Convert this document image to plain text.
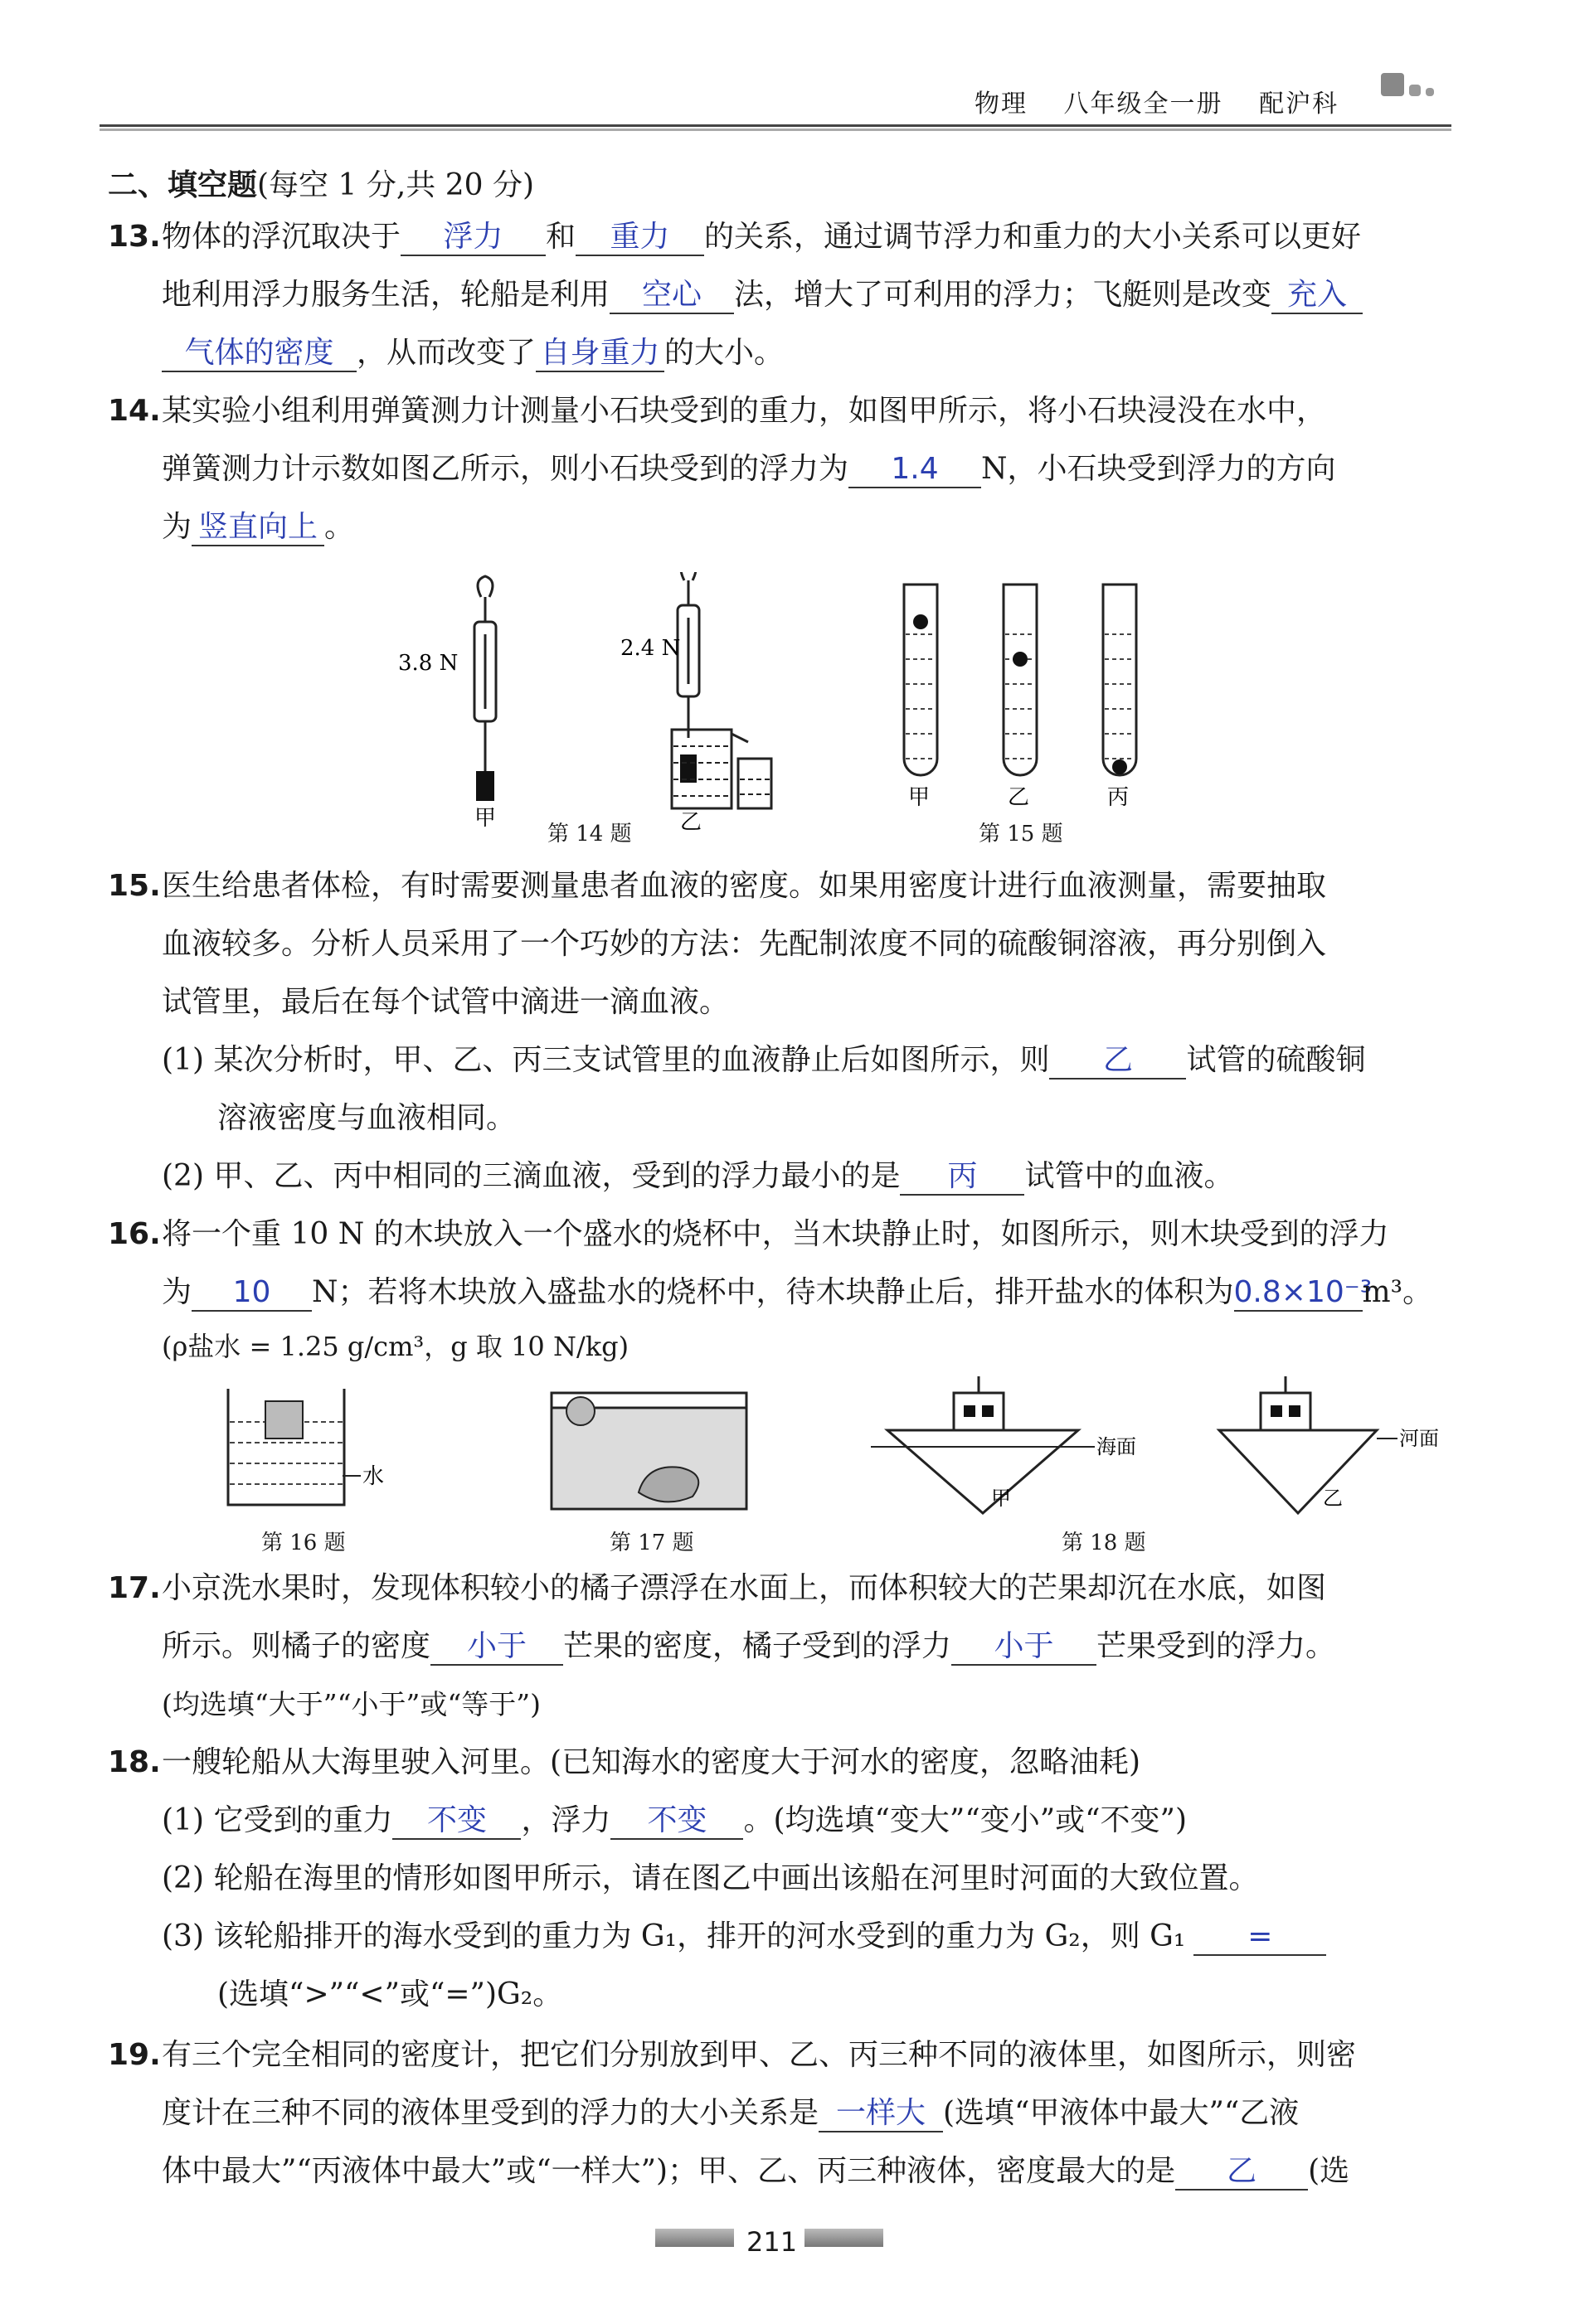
物理 八年级全一册 配沪科
二、填空题(每空 1 分,共 20 分)
13. 物体的浮沉取决于 浮力 和 重力 的关系，通过调节浮力和重力的大小关系可以更好
地利用浮力服务生活，轮船是利用 空心 法，增大了可利用的浮力；飞艇则是改变 充入
气体的密度 ，从而改变了 自身重力 的大小。
14. 某实验小组利用弹簧测力计测量小石块受到的重力，如图甲所示，将小石块浸没在水中，
弹簧测力计示数如图乙所示，则小石块受到的浮力为 1.4 N，小石块受到浮力的方向
为 竖直向上 。
3.8 N
2.4 N
甲	乙
第 14 题
甲	乙	丙
第 15 题
15. 医生给患者体检，有时需要测量患者血液的密度。如果用密度计进行血液测量，需要抽取
血液较多。分析人员采用了一个巧妙的方法：先配制浓度不同的硫酸铜溶液，再分别倒入
试管里，最后在每个试管中滴进一滴血液。
(1) 某次分析时，甲、乙、丙三支试管里的血液静止后如图所示，则 乙 试管的硫酸铜
溶液密度与血液相同。
(2) 甲、乙、丙中相同的三滴血液，受到的浮力最小的是 丙 试管中的血液。
16. 将一个重 10 N 的木块放入一个盛水的烧杯中，当木块静止时，如图所示，则木块受到的浮力
为 10 N；若将木块放入盛盐水的烧杯中，待木块静止后，排开盐水的体积为0.8×10⁻³m³。
(ρ盐水 = 1.25 g/cm³，g 取 10 N/kg)
水
第 16 题	第 17 题
海面
甲
河面
乙
第 18 题
17. 小京洗水果时，发现体积较小的橘子漂浮在水面上，而体积较大的芒果却沉在水底，如图
所示。则橘子的密度 小于 芒果的密度，橘子受到的浮力 小于 芒果受到的浮力。
(均选填“大于”“小于”或“等于”)
18. 一艘轮船从大海里驶入河里。(已知海水的密度大于河水的密度，忽略油耗)
(1) 它受到的重力 不变 ，浮力 不变 。(均选填“变大”“变小”或“不变”)
(2) 轮船在海里的情形如图甲所示，请在图乙中画出该船在河里时河面的大致位置。
(3) 该轮船排开的海水受到的重力为 G₁，排开的河水受到的重力为 G₂，则 G₁ =
(选填“>”“<”或“=”)G₂。
19. 有三个完全相同的密度计，把它们分别放到甲、乙、丙三种不同的液体里，如图所示，则密
度计在三种不同的液体里受到的浮力的大小关系是 一样大 (选填“甲液体中最大”“乙液
体中最大”“丙液体中最大”或“一样大”)；甲、乙、丙三种液体，密度最大的是 乙 (选
211
